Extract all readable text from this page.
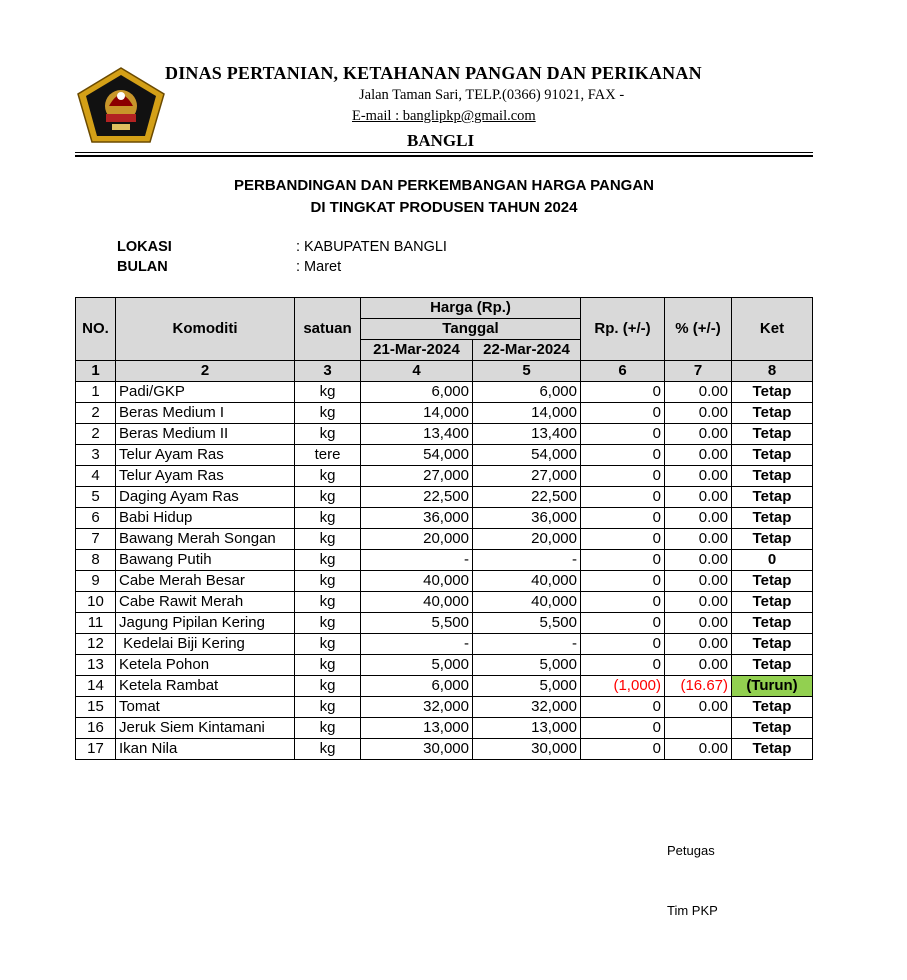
DINAS PERTANIAN, KETAHANAN PANGAN DAN PERIKANAN
Jalan Taman Sari, TELP.(0366) 91021, FAX -
E-mail : banglipkp@gmail.com
BANGLI
PERBANDINGAN DAN PERKEMBANGAN HARGA PANGAN
DI TINGKAT PRODUSEN TAHUN 2024
LOKASI	: KABUPATEN BANGLI
BULAN	: Maret
NO.	Komoditi	satuan	Harga (Rp.)		Rp. (+/-)	% (+/-)	Ket
			Tanggal				
			21-Mar-2024	22-Mar-2024			
1	2	3	4	5	6	7	8
1	Padi/GKP	kg	6,000	6,000	0	0.00	Tetap
2	Beras Medium I	kg	14,000	14,000	0	0.00	Tetap
2	Beras Medium II	kg	13,400	13,400	0	0.00	Tetap
3	Telur Ayam Ras	tere	54,000	54,000	0	0.00	Tetap
4	Telur Ayam Ras	kg	27,000	27,000	0	0.00	Tetap
5	Daging Ayam Ras	kg	22,500	22,500	0	0.00	Tetap
6	Babi Hidup	kg	36,000	36,000	0	0.00	Tetap
7	Bawang Merah Songan	kg	20,000	20,000	0	0.00	Tetap
8	Bawang Putih	kg	-	-	0	0.00	0
9	Cabe Merah Besar	kg	40,000	40,000	0	0.00	Tetap
10	Cabe Rawit Merah	kg	40,000	40,000	0	0.00	Tetap
11	Jagung Pipilan Kering	kg	5,500	5,500	0	0.00	Tetap
12	Kedelai Biji Kering	kg	-	-	0	0.00	Tetap
13	Ketela Pohon	kg	5,000	5,000	0	0.00	Tetap
14	Ketela Rambat	kg	6,000	5,000	(1,000)	(16.67)	(Turun)
15	Tomat	kg	32,000	32,000	0	0.00	Tetap
16	Jeruk Siem Kintamani	kg	13,000	13,000	0		Tetap
17	Ikan Nila	kg	30,000	30,000	0	0.00	Tetap
Petugas
Tim PKP
